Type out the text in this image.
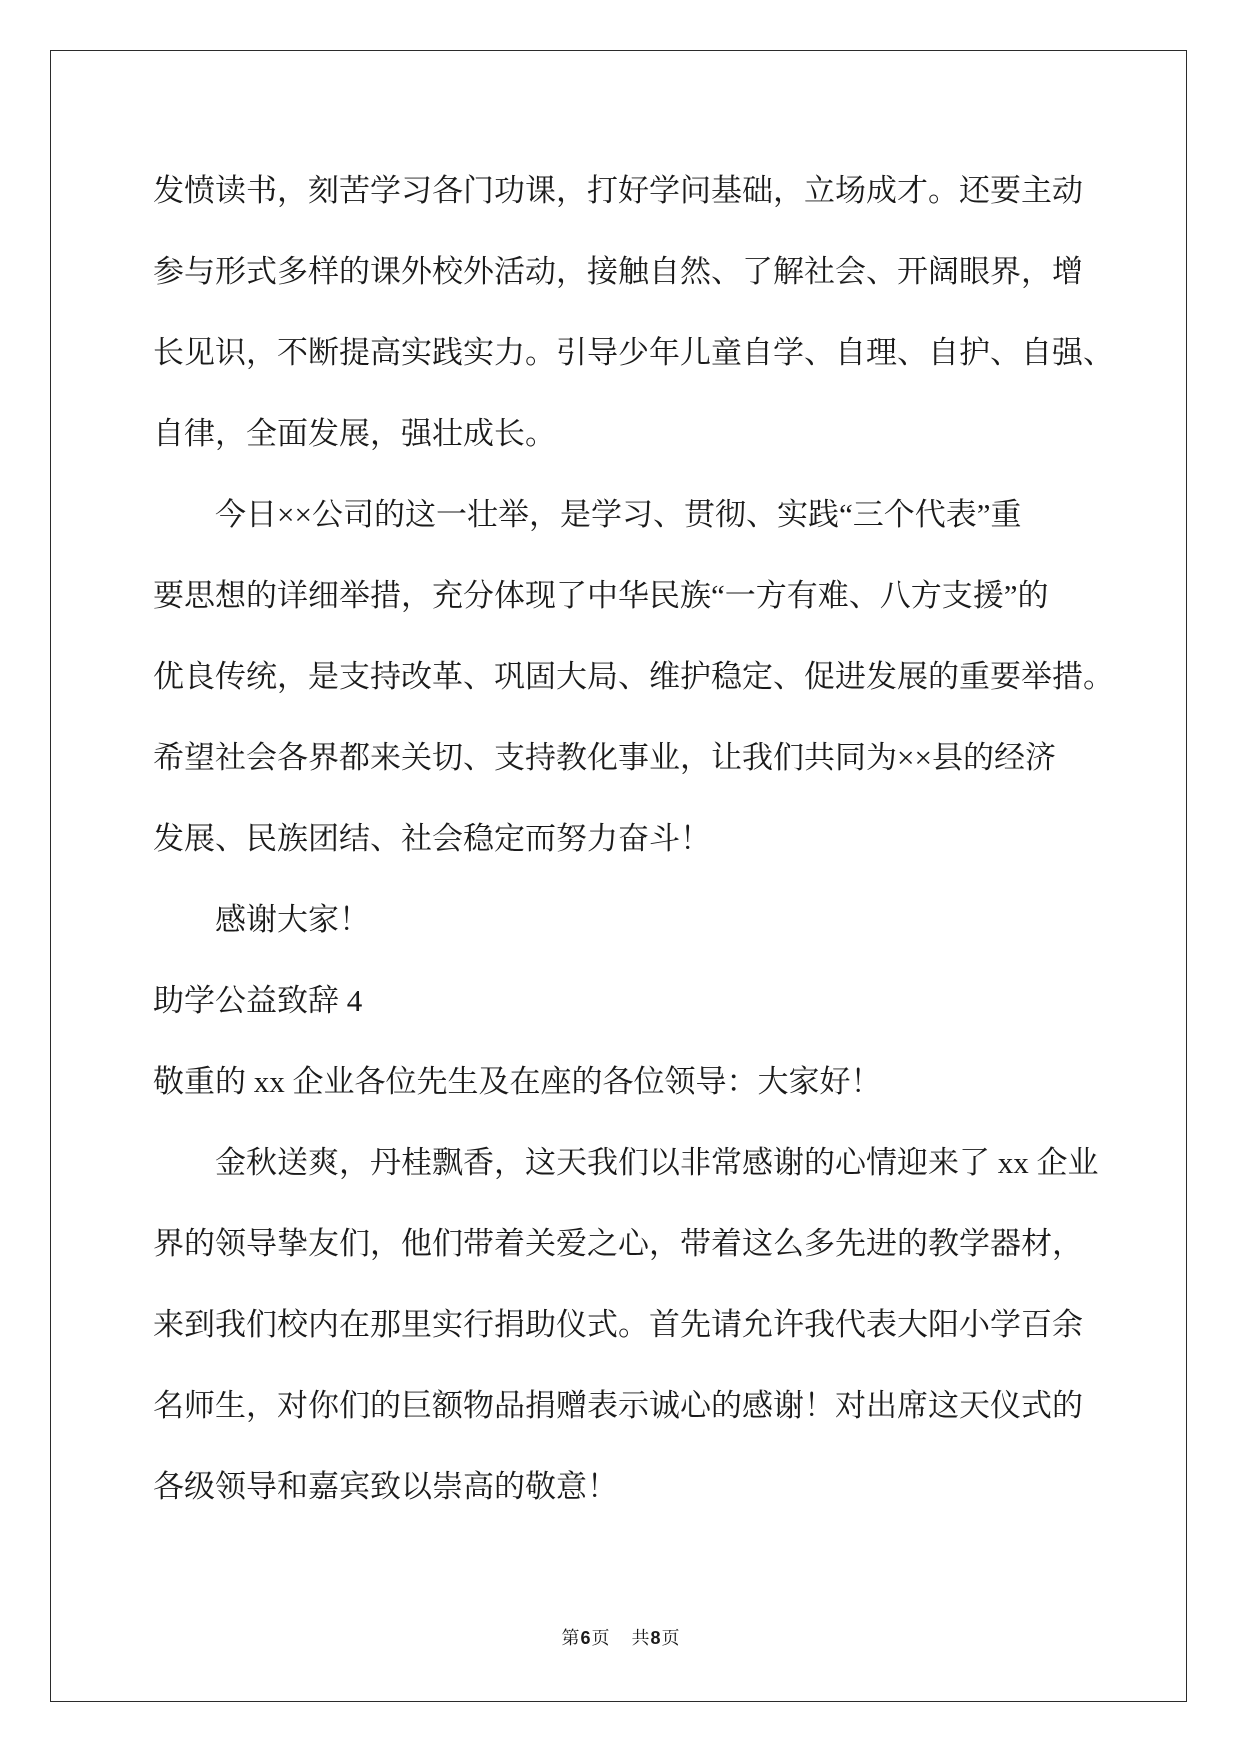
发愤读书，刻苦学习各门功课，打好学问基础，立场成才。还要主动
参与形式多样的课外校外活动，接触自然、了解社会、开阔眼界，增
长见识，不断提高实践实力。引导少年儿童自学、自理、自护、自强、
自律，全面发展，强壮成长。
今日××公司的这一壮举，是学习、贯彻、实践“三个代表”重
要思想的详细举措，充分体现了中华民族“一方有难、八方支援”的
优良传统，是支持改革、巩固大局、维护稳定、促进发展的重要举措。
希望社会各界都来关切、支持教化事业，让我们共同为××县的经济
发展、民族团结、社会稳定而努力奋斗！
感谢大家！
助学公益致辞 4
敬重的 xx 企业各位先生及在座的各位领导：大家好！
金秋送爽，丹桂飘香，这天我们以非常感谢的心情迎来了 xx 企业
界的领导挚友们，他们带着关爱之心，带着这么多先进的教学器材，
来到我们校内在那里实行捐助仪式。首先请允许我代表大阳小学百余
名师生，对你们的巨额物品捐赠表示诚心的感谢！对出席这天仪式的
各级领导和嘉宾致以崇高的敬意！
第6页 共8页
